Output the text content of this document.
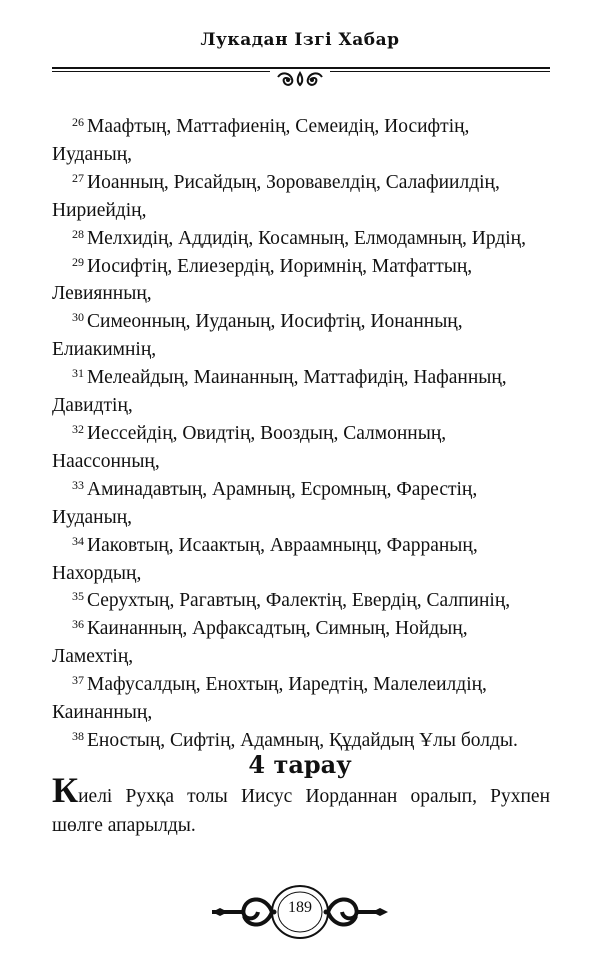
Лукадан Ізгі Хабар
$^{26}$ Маафтың, Маттафиенің, Семеидің, Иосифтің,
Иуданың,
$^{27}$ Иоанның, Рисайдың, Зоровавелдің, Салафиилдің,
Нириейдің,
$^{28}$ Мелхидің, Аддидің, Косамның, Елмодамның, Ирдің,
$^{29}$ Иосифтің, Елиезердің, Иоримнің, Матфаттың,
Левиянның,
$^{30}$ Симеонның, Иуданың, Иосифтің, Ионанның,
Елиакимнің,
$^{31}$ Мелеайдың, Маинанның, Маттафидің, Нафанның,
Давидтің,
$^{32}$ Иессейдің, Овидтің, Вооздың, Салмонның,
Наассонның,
$^{33}$ Аминадавтың, Арамның, Есромның, Фарестің,
Иуданың,
$^{34}$ Иаковтың, Исаактың, Авраамныңц, Фарраның,
Нахордың,
$^{35}$ Серухтың, Рагавтың, Фалектің, Евердің, Салпинің,
$^{36}$ Каинанның, Арфаксадтың, Симның, Нойдың,
Ламехтің,
$^{37}$ Мафусалдың, Енохтың, Иаредтің, Малелеилдің,
Каинанның,
$^{38}$ Еностың, Сифтің, Адамның, Құдайдың Ұлы болды.
4 тарау
Киелі Рухқа толы Иисус Иорданнан оралып, Рухпен шөлге апарылды.
189
